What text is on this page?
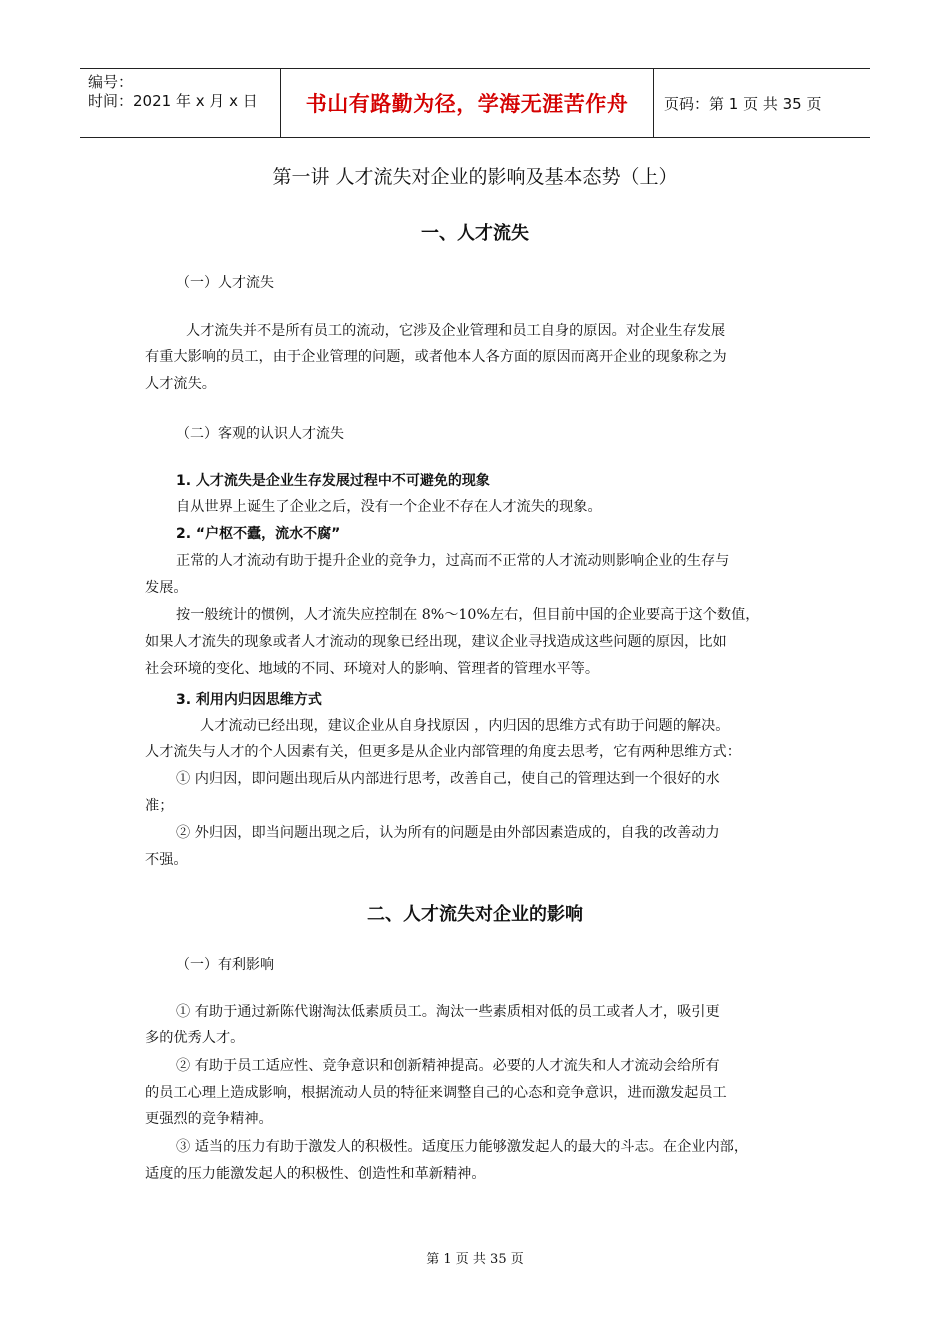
编号：
时间：2021 年 x 月 x 日	书山有路勤为径，学海无涯苦作舟	页码：第 1 页 共 35 页
第一讲 人才流失对企业的影响及基本态势（上）
一、人才流失
（一）人才流失
人才流失并不是所有员工的流动，它涉及企业管理和员工自身的原因。对企业生存发展
有重大影响的员工，由于企业管理的问题，或者他本人各方面的原因而离开企业的现象称之为
人才流失。
（二）客观的认识人才流失
1. 人才流失是企业生存发展过程中不可避免的现象
自从世界上诞生了企业之后，没有一个企业不存在人才流失的现象。
2. “户枢不蠹，流水不腐”
正常的人才流动有助于提升企业的竞争力，过高而不正常的人才流动则影响企业的生存与
发展。
按一般统计的惯例，人才流失应控制在 8%～10%左右，但目前中国的企业要高于这个数值，
如果人才流失的现象或者人才流动的现象已经出现，建议企业寻找造成这些问题的原因，比如
社会环境的变化、地域的不同、环境对人的影响、管理者的管理水平等。
3. 利用内归因思维方式
人才流动已经出现，建议企业从自身找原因 ，内归因的思维方式有助于问题的解决。
人才流失与人才的个人因素有关，但更多是从企业内部管理的角度去思考，它有两种思维方式：
① 内归因，即问题出现后从内部进行思考，改善自己，使自己的管理达到一个很好的水
准；
② 外归因，即当问题出现之后，认为所有的问题是由外部因素造成的，自我的改善动力
不强。
二、人才流失对企业的影响
（一）有利影响
① 有助于通过新陈代谢淘汰低素质员工。淘汰一些素质相对低的员工或者人才，吸引更
多的优秀人才。
② 有助于员工适应性、竞争意识和创新精神提高。必要的人才流失和人才流动会给所有
的员工心理上造成影响，根据流动人员的特征来调整自己的心态和竞争意识，进而激发起员工
更强烈的竞争精神。
③ 适当的压力有助于激发人的积极性。适度压力能够激发起人的最大的斗志。在企业内部，
适度的压力能激发起人的积极性、创造性和革新精神。
第 1 页 共 35 页
